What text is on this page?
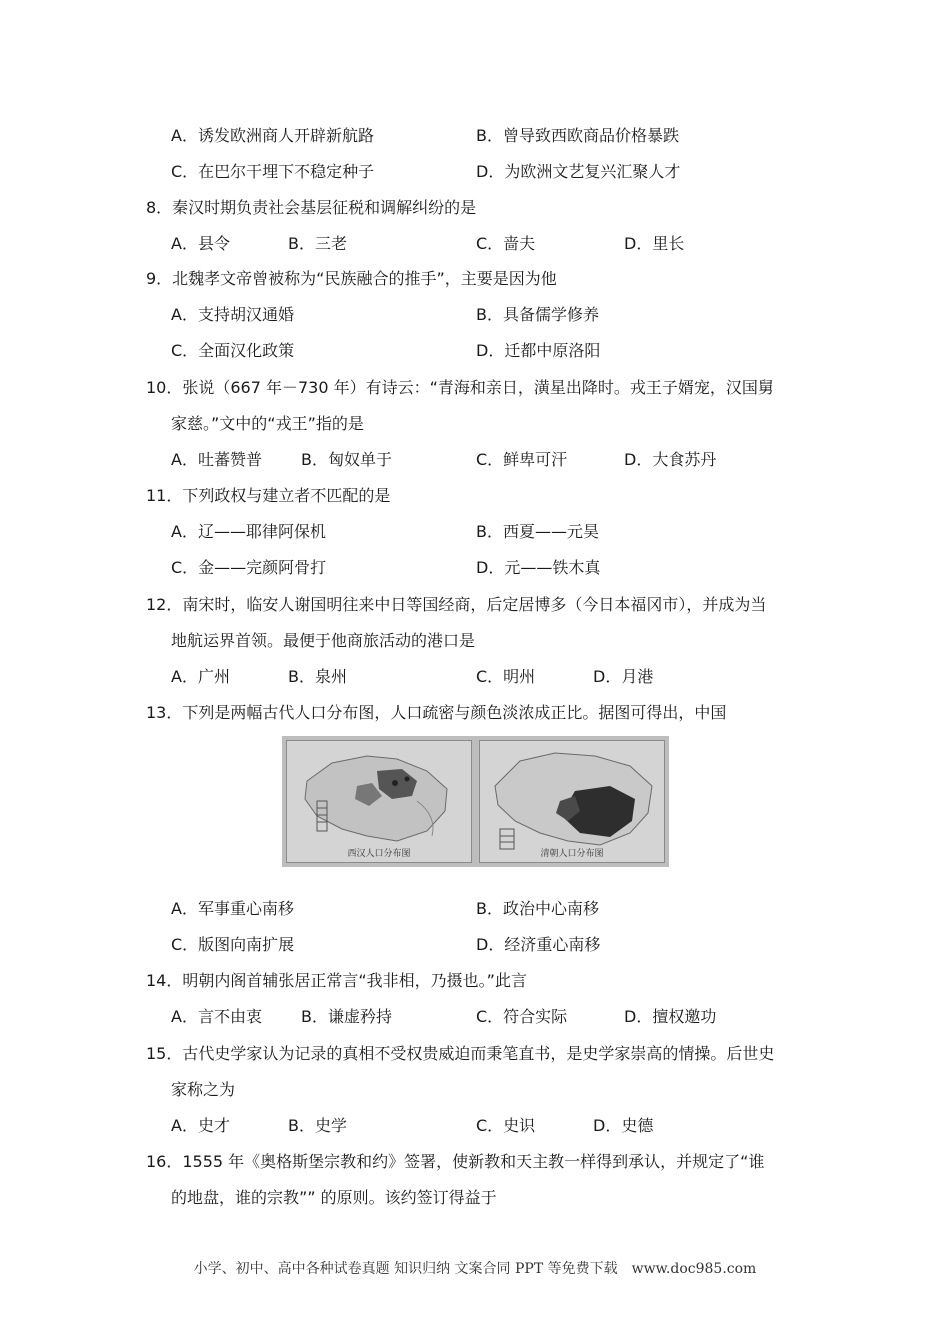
A．诱发欧洲商人开辟新航路	B．曾导致西欧商品价格暴跌
C．在巴尔干埋下不稳定种子	D．为欧洲文艺复兴汇聚人才
8．秦汉时期负责社会基层征税和调解纠纷的是
A．县令	B．三老	C．啬夫	D．里长
9．北魏孝文帝曾被称为“民族融合的推手”，主要是因为他
A．支持胡汉通婚	B．具备儒学修养
C．全面汉化政策	D．迁都中原洛阳
10．张说（667 年－730 年）有诗云：“青海和亲日，潢星出降时。戎王子婿宠，汉国舅
家慈。”文中的“戎王”指的是
A．吐蕃赞普 B．匈奴单于	C．鲜卑可汗	D．大食苏丹
11．下列政权与建立者不匹配的是
A．辽——耶律阿保机	B．西夏——元昊
C．金——完颜阿骨打	D．元——铁木真
12．南宋时，临安人谢国明往来中日等国经商，后定居博多（今日本福冈市），并成为当
地航运界首领。最便于他商旅活动的港口是
A．广州	B．泉州	C．明州	D．月港
13．下列是两幅古代人口分布图，人口疏密与颜色淡浓成正比。据图可得出，中国
西汉人口分布图	清朝人口分布图
A．军事重心南移	B．政治中心南移
C．版图向南扩展	D．经济重心南移
14．明朝内阁首辅张居正常言“我非相，乃摄也。”此言
A．言不由衷 B．谦虚矜持	C．符合实际	D．擅权邀功
15．古代史学家认为记录的真相不受权贵威迫而秉笔直书，是史学家崇高的情操。后世史
家称之为
A．史才	B．史学	C．史识	D．史德
16．1555 年《奥格斯堡宗教和约》签署，使新教和天主教一样得到承认，并规定了“谁
的地盘，谁的宗教”” 的原则。该约签订得益于
小学、初中、高中各种试卷真题 知识归纳 文案合同 PPT 等免费下载　www.doc985.com
